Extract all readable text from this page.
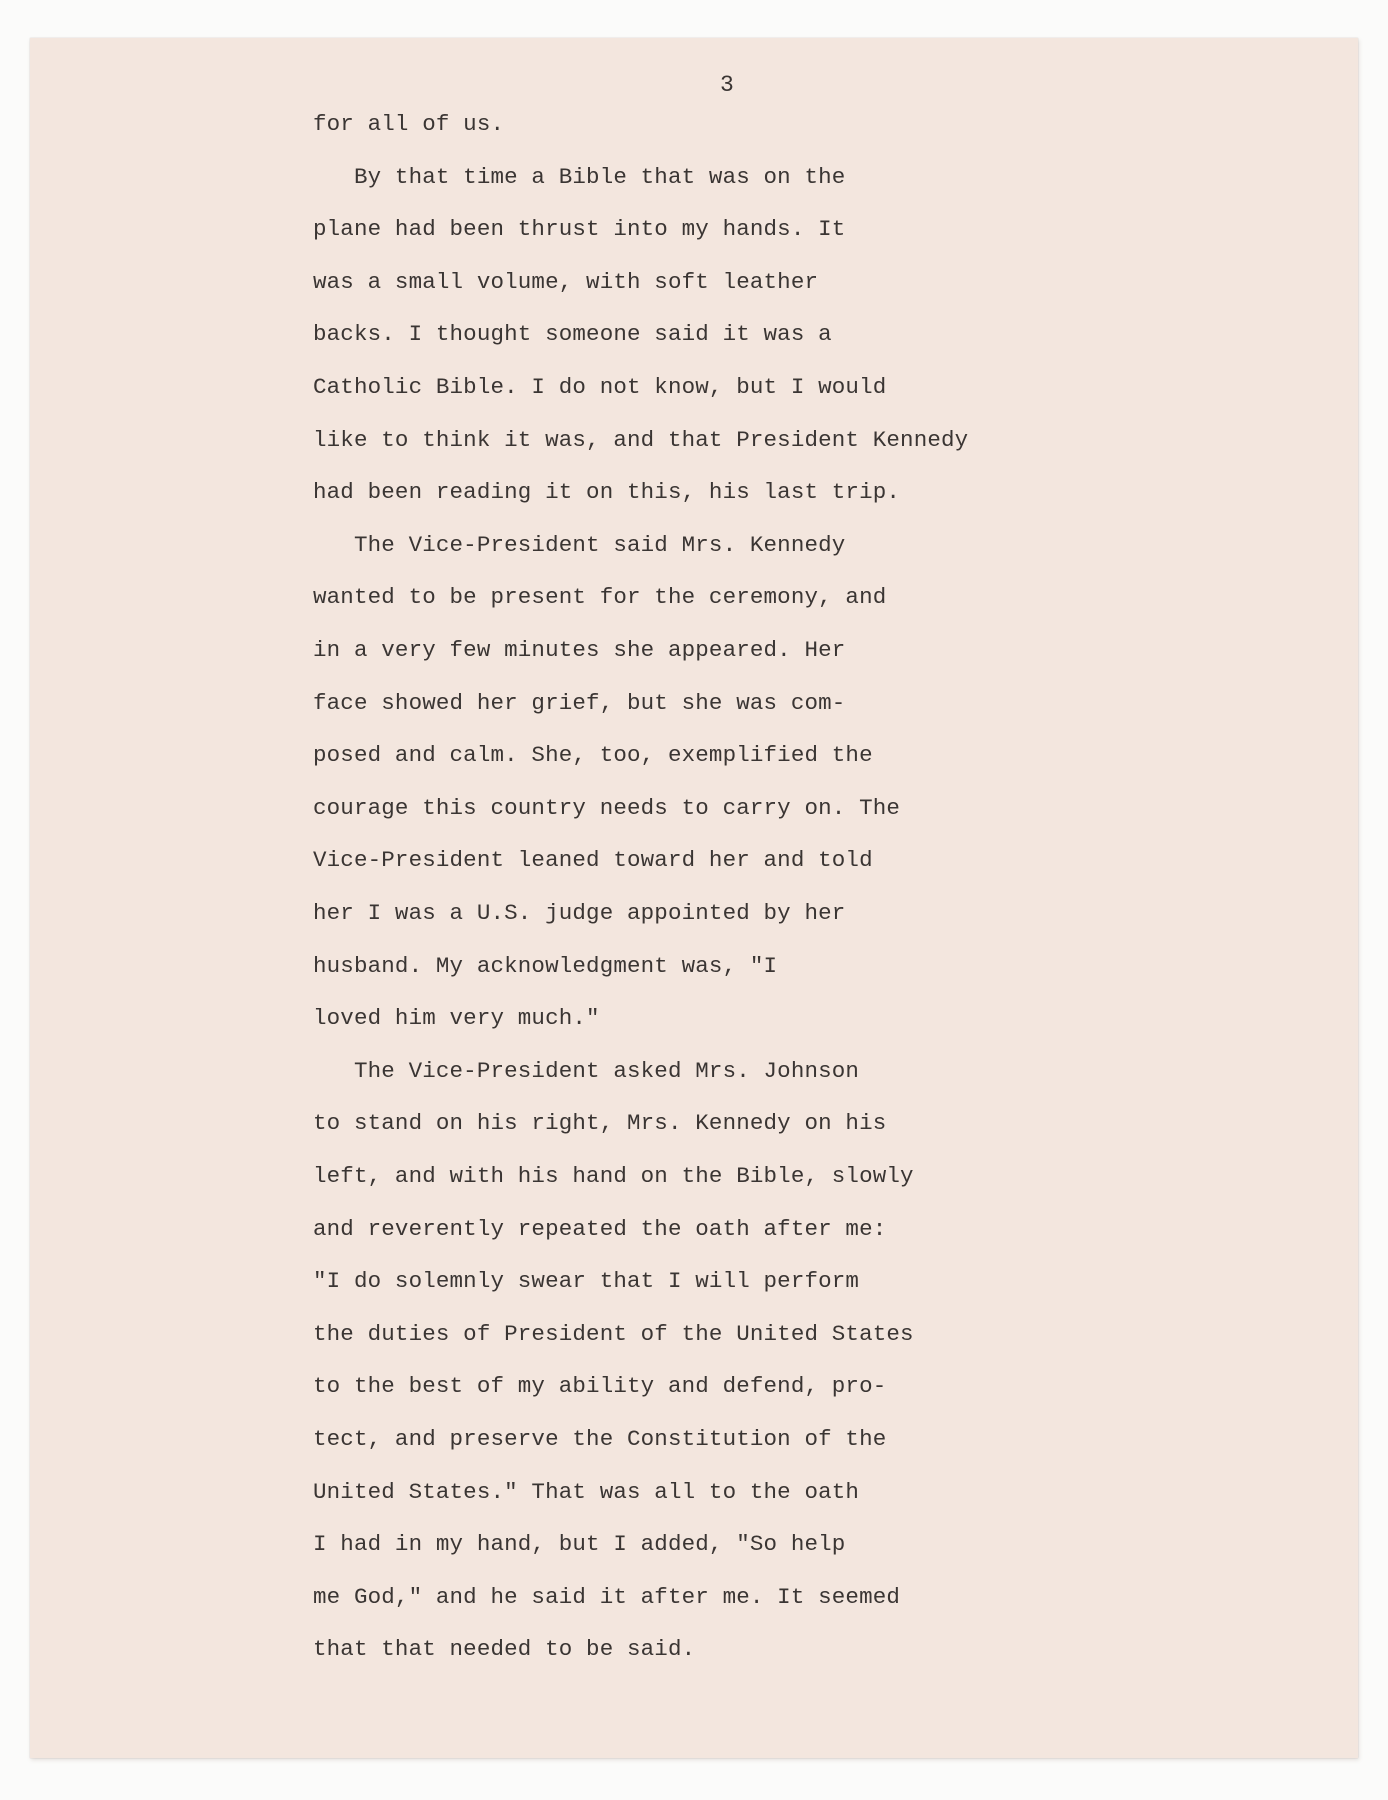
3
for all of us.
By that time a Bible that was on the
plane had been thrust into my hands. It
was a small volume, with soft leather
backs. I thought someone said it was a
Catholic Bible. I do not know, but I would
like to think it was, and that President Kennedy
had been reading it on this, his last trip.
The Vice-President said Mrs. Kennedy
wanted to be present for the ceremony, and
in a very few minutes she appeared. Her
face showed her grief, but she was com-
posed and calm. She, too, exemplified the
courage this country needs to carry on. The
Vice-President leaned toward her and told
her I was a U.S. judge appointed by her
husband. My acknowledgment was, "I
loved him very much."
The Vice-President asked Mrs. Johnson
to stand on his right, Mrs. Kennedy on his
left, and with his hand on the Bible, slowly
and reverently repeated the oath after me:
"I do solemnly swear that I will perform
the duties of President of the United States
to the best of my ability and defend, pro-
tect, and preserve the Constitution of the
United States." That was all to the oath
I had in my hand, but I added, "So help
me God," and he said it after me. It seemed
that that needed to be said.
